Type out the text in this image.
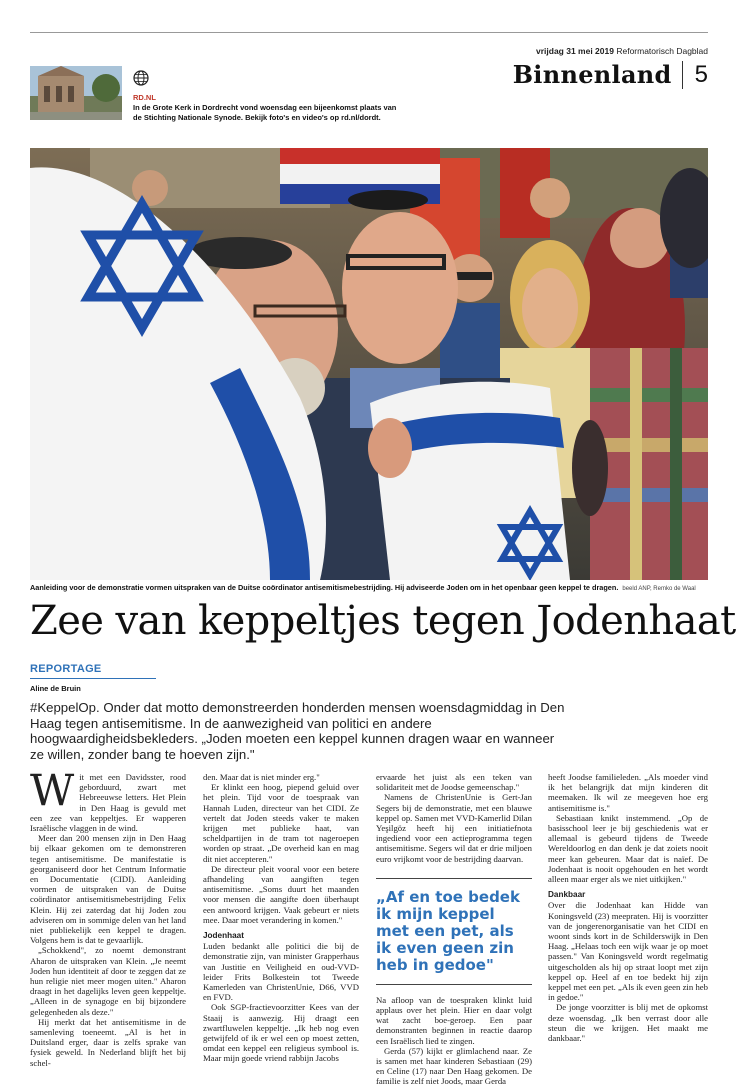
vrijdag 31 mei 2019 Reformatorisch Dagblad
Binnenland 5
RD.NL
In de Grote Kerk in Dordrecht vond woensdag een bijeenkomst plaats van de Stichting Nationale Synode. Bekijk foto's en video's op rd.nl/dordt.
Aanleiding voor de demonstratie vormen uitspraken van de Duitse coördinator antisemitismebestrijding. Hij adviseerde Joden om in het openbaar geen keppel te dragen. beeld ANP, Remko de Waal
Zee van keppeltjes tegen Jodenhaat
REPORTAGE
Aline de Bruin
#KeppelOp. Onder dat motto demonstreerden honderden mensen woensdagmiddag in Den Haag tegen antisemitisme. In de aanwezigheid van politici en andere hoogwaardigheidsbekleders. „Joden moeten een keppel kunnen dragen waar en wanneer ze willen, zonder bang te hoeven zijn."
W it met een Davidsster, rood geborduurd, zwart met Hebreeuwse letters. Het Plein in Den Haag is gevuld met een zee van keppeltjes. Er wapperen Israëlische vlaggen in de wind.

Meer dan 200 mensen zijn in Den Haag bij elkaar gekomen om te demonstreren tegen antisemitisme. De manifestatie is georganiseerd door het Centrum Informatie en Documentatie (CIDI). Aanleiding vormen de uitspraken van de Duitse coördinator antisemitismebestrijding Felix Klein. Hij zei zaterdag dat hij Joden zou adviseren om in sommige delen van het land niet publiekelijk een keppel te dragen. Volgens hem is dat te gevaarlijk.

„Schokkend", zo noemt demonstrant Aharon de uitspraken van Klein. „Je neemt Joden hun identiteit af door te zeggen dat ze hun religie niet meer mogen uiten." Aharon draagt in het dagelijks leven geen keppeltje. „Alleen in de synagoge en bij bijzondere gelegenheden als deze."

Hij merkt dat het antisemitisme in de samenleving toeneemt. „Al is het in Duitsland erger, daar is zelfs sprake van fysiek geweld. In Nederland blijft het bij schel-

den. Maar dat is niet minder erg."

Er klinkt een hoog, piepend geluid over het plein. Tijd voor de toespraak van Hannah Luden, directeur van het CIDI. Ze vertelt dat Joden steeds vaker te maken krijgen met publieke haat, van scheldpartijen in de tram tot nageroepen worden op straat. „De overheid kan en mag dit niet accepteren."

De directeur pleit vooral voor een betere afhandeling van aangiften tegen antisemitisme. „Soms duurt het maanden voor mensen die aangifte doen überhaupt een antwoord krijgen. Vaak gebeurt er niets mee. Daar moet verandering in komen."

Jodenhaat

Luden bedankt alle politici die bij de demonstratie zijn, van minister Grapperhaus van Justitie en Veiligheid en oud-VVD-leider Frits Bolkestein tot Tweede Kamerleden van ChristenUnie, D66, VVD en FVD.

Ook SGP-fractievoorzitter Kees van der Staaij is aanwezig. Hij draagt een zwartfluwelen keppeltje. „Ik heb nog even getwijfeld of ik er wel een op moest zetten, omdat een keppel een religieus symbool is. Maar mijn goede vriend rabbijn Jacobs

ervaarde het juist als een teken van solidariteit met de Joodse gemeenschap."

Namens de ChristenUnie is Gert-Jan Segers bij de demonstratie, met een blauwe keppel op. Samen met VVD-Kamerlid Dilan Yeşilgöz heeft hij een initiatiefnota ingediend voor een actieprogramma tegen antisemitisme. Segers wil dat er drie miljoen euro vrijkomt voor de bestrijding daarvan.

„Af en toe bedek ik mijn keppel met een pet, als ik even geen zin heb in gedoe"

Na afloop van de toespraken klinkt luid applaus over het plein. Hier en daar volgt wat zacht boe-geroep. Een paar demonstranten beginnen in reactie daarop een Israëlisch lied te zingen.

Gerda (57) kijkt er glimlachend naar. Ze is samen met haar kinderen Sebastiaan (29) en Celine (17) naar Den Haag gekomen. De familie is zelf niet Joods, maar Gerda

heeft Joodse familieleden. „Als moeder vind ik het belangrijk dat mijn kinderen dit meemaken. Ik wil ze meegeven hoe erg antisemitisme is."

Sebastiaan knikt instemmend. „Op de basisschool leer je bij geschiedenis wat er allemaal is gebeurd tijdens de Tweede Wereldoorlog en dan denk je dat zoiets nooit meer kan gebeuren. Maar dat is naïef. De Jodenhaat is nooit opgehouden en het wordt alleen maar erger als we niet uitkijken."

Dankbaar

Over die Jodenhaat kan Hidde van Koningsveld (23) meepraten. Hij is voorzitter van de jongerenorganisatie van het CIDI en woont sinds kort in de Schilderswijk in Den Haag. „Helaas toch een wijk waar je op moet passen." Van Koningsveld wordt regelmatig uitgescholden als hij op straat loopt met zijn keppel op. Heel af en toe bedekt hij zijn keppel met een pet. „Als ik even geen zin heb in gedoe."

De jonge voorzitter is blij met de opkomst deze woensdag. „Ik ben verrast door alle steun die we krijgen. Het maakt me dankbaar."
